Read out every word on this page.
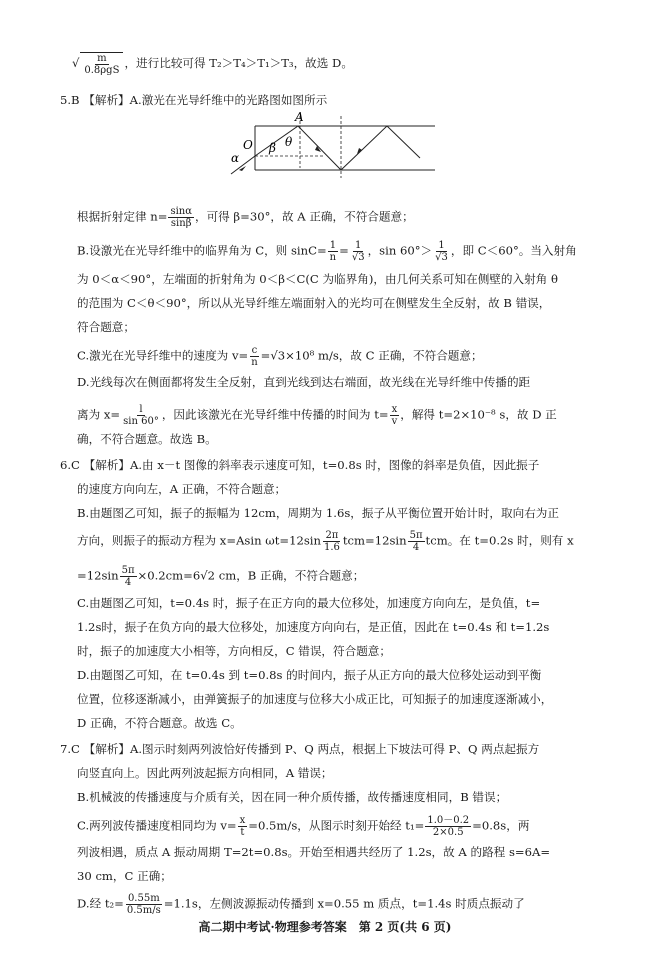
√ $\frac{m}{\text{0.8ρgS}}$ ，进行比较可得 T₂＞T₄＞T₁＞T₃，故选 D。
5.B 【解析】A.激光在光导纤维中的光路图如图所示
A
O
α
β θ
根据折射定律 $n= \frac{\sin\alpha}{\sin\beta}$ ，可得 β=30°，故 A 正确，不符合题意；
B.设激光在光导纤维中的临界角为 C，则 $\sin C= \frac{1}{n} = \frac{1}{√3}$ ，$\sin 60^\circ> \frac{1}{√3}$ ，即 C＜60°。当入射角
为 0＜α＜90°，左端面的折射角为 0＜β＜C(C 为临界角)，由几何关系可知在侧壁的入射角 θ
的范围为 C＜θ＜90°，所以从光导纤维左端面射入的光均可在侧壁发生全反射，故 B 错误，
符合题意；
C.激光在光导纤维中的速度为 $v= \frac{c}{n} =√3\times 10^8$ m/s，故 C 正确，不符合题意；
D.光线每次在侧面都将发生全反射，直到光线到达右端面，故光线在光导纤维中传播的距
离为 $x= \frac{l}{\sin 60^\circ}$ ，因此该激光在光导纤维中传播的时间为 $t= \frac{x}{v}$ ，解得 t=2×10⁻⁸ s，故 D 正
确，不符合题意。故选 B。
6.C 【解析】A.由 x－t 图像的斜率表示速度可知，t=0.8s 时，图像的斜率是负值，因此振子
的速度方向向左，A 正确，不符合题意；
B.由题图乙可知，振子的振幅为 12cm，周期为 1.6s，振子从平衡位置开始计时，取向右为正
方向，则振子的振动方程为 x=Asin $\omega t=12\sin \frac{2\pi}{1.6} tcm=12\sin \frac{5\pi}{4}$ tcm。在 t=0.2s 时，则有 x
$=12\sin \frac{5\pi}{4} \times 0.2cm=6√2$ cm，B 正确，不符合题意；
C.由题图乙可知，t=0.4s 时，振子在正方向的最大位移处，加速度方向向左，是负值，t=
1.2s时，振子在负方向的最大位移处，加速度方向向右，是正值，因此在 t=0.4s 和 t=1.2s
时，振子的加速度大小相等，方向相反，C 错误，符合题意；
D.由题图乙可知，在 t=0.4s 到 t=0.8s 的时间内，振子从正方向的最大位移处运动到平衡
位置，位移逐渐减小，由弹簧振子的加速度与位移大小成正比，可知振子的加速度逐渐减小，
D 正确，不符合题意。故选 C。
7.C 【解析】A.图示时刻两列波恰好传播到 P、Q 两点，根据上下坡法可得 P、Q 两点起振方
向竖直向上。因此两列波起振方向相同，A 错误；
B.机械波的传播速度与介质有关，因在同一种介质传播，故传播速度相同，B 错误；
C.两列波传播速度相同均为 $v= \frac{x}{t} =0.5m/s$，从图示时刻开始经 $t_1= \frac{1.0-0.2}{2\times 0.5} =0.8s$，两
列波相遇，质点 A 振动周期 T=2t=0.8s。开始至相遇共经历了 1.2s，故 A 的路程 s=6A=
30 cm，C 正确；
D.经 $t_2= \frac{0.55m}{0.5m/s} =1.1s$，左侧波源振动传播到 x=0.55 m 质点，t=1.4s 时质点振动了
高二期中考试·物理参考答案　第 2 页(共 6 页)
